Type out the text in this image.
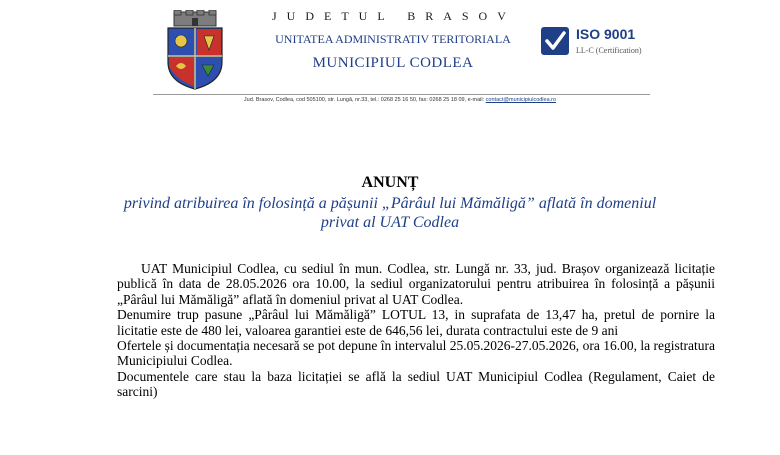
JUDETUL BRASOV
UNITATEA ADMINISTRATIV TERITORIALA
MUNICIPIUL CODLEA
ISO 9001
LL-C (Certification)
Jud. Brasov, Codlea, cod 505100, str. Lungă, nr.33, tel.: 0268 25 16 50, fax: 0268 25 18 09, e-mail: contact@municipiulcodlea.ro
ANUNȚ
privind atribuirea în folosință a pășunii „Pârâul lui Mămăligă” aflată în domeniul privat al UAT Codlea

UAT Municipiul Codlea, cu sediul în mun. Codlea, str. Lungă nr. 33, jud. Brașov organizează licitație publică în data de 28.05.2026 ora 10.00, la sediul organizatorului pentru atribuirea în folosință a pășunii „Pârâul lui Mămăligă” aflată în domeniul privat al UAT Codlea.

Denumire trup pasune „Pârâul lui Mămăligă” LOTUL 13, in suprafata de 13,47 ha, pretul de pornire la licitatie este de 480 lei, valoarea garantiei este de 646,56 lei, durata contractului este de 9 ani

Ofertele și documentația necesară se pot depune în intervalul 25.05.2026-27.05.2026, ora 16.00, la registratura Municipiului Codlea.

Documentele care stau la baza licitației se află la sediul UAT Municipiul Codlea (Regulament, Caiet de sarcini)
